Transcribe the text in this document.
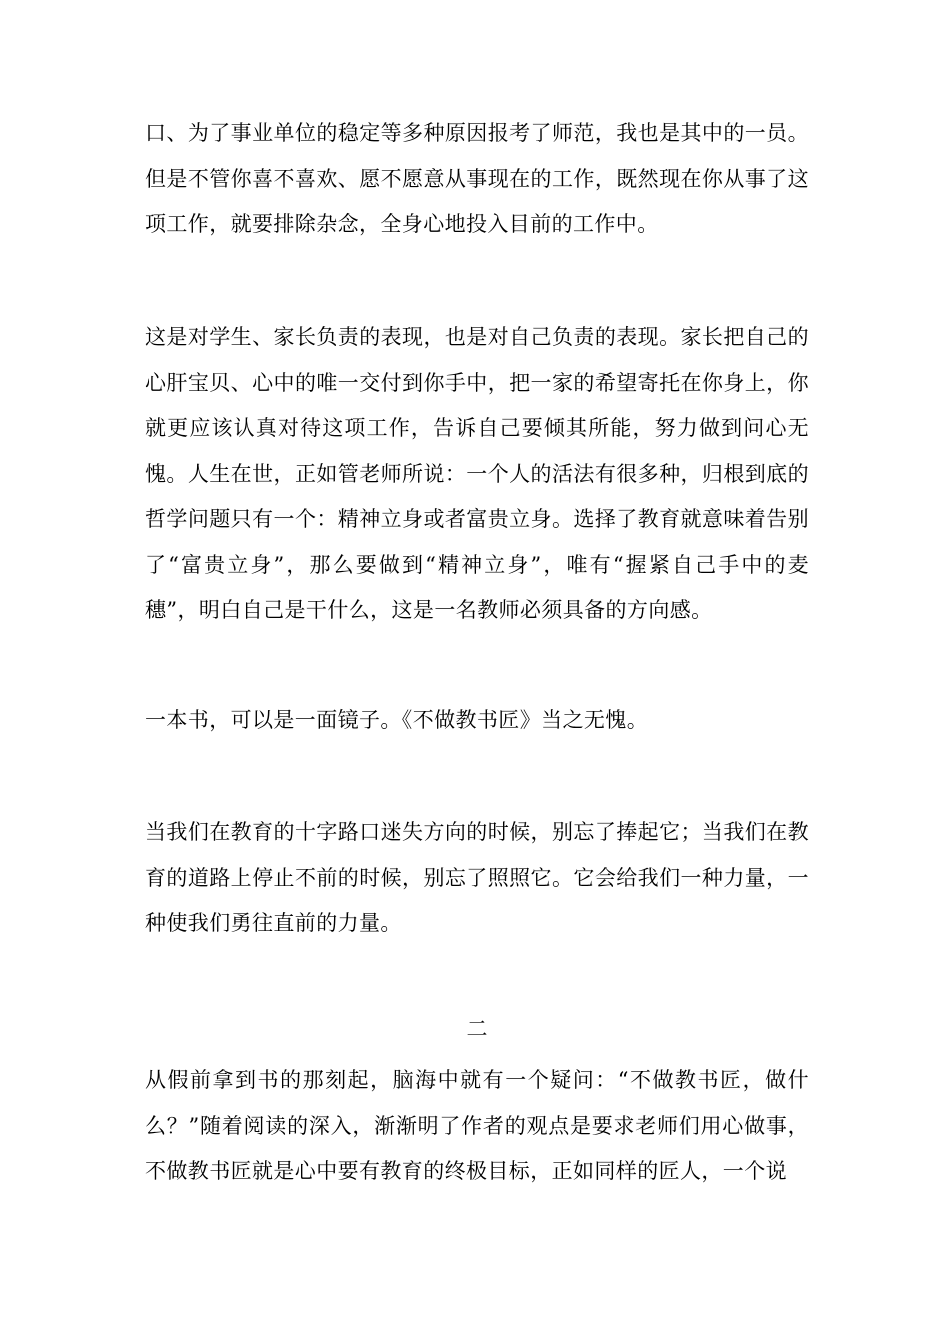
口、为了事业单位的稳定等多种原因报考了师范，我也是其中的一员。但是不管你喜不喜欢、愿不愿意从事现在的工作，既然现在你从事了这项工作，就要排除杂念，全身心地投入目前的工作中。

这是对学生、家长负责的表现，也是对自己负责的表现。家长把自己的心肝宝贝、心中的唯一交付到你手中，把一家的希望寄托在你身上，你就更应该认真对待这项工作，告诉自己要倾其所能，努力做到问心无愧。人生在世，正如管老师所说：一个人的活法有很多种，归根到底的哲学问题只有一个：精神立身或者富贵立身。选择了教育就意味着告别了“富贵立身”，那么要做到“精神立身”，唯有“握紧自己手中的麦穗”，明白自己是干什么，这是一名教师必须具备的方向感。

一本书，可以是一面镜子。《不做教书匠》当之无愧。

当我们在教育的十字路口迷失方向的时候，别忘了捧起它；当我们在教育的道路上停止不前的时候，别忘了照照它。它会给我们一种力量，一种使我们勇往直前的力量。

二

从假前拿到书的那刻起，脑海中就有一个疑问：“不做教书匠，做什么？”随着阅读的深入，渐渐明了作者的观点是要求老师们用心做事，不做教书匠就是心中要有教育的终极目标，正如同样的匠人，一个说
